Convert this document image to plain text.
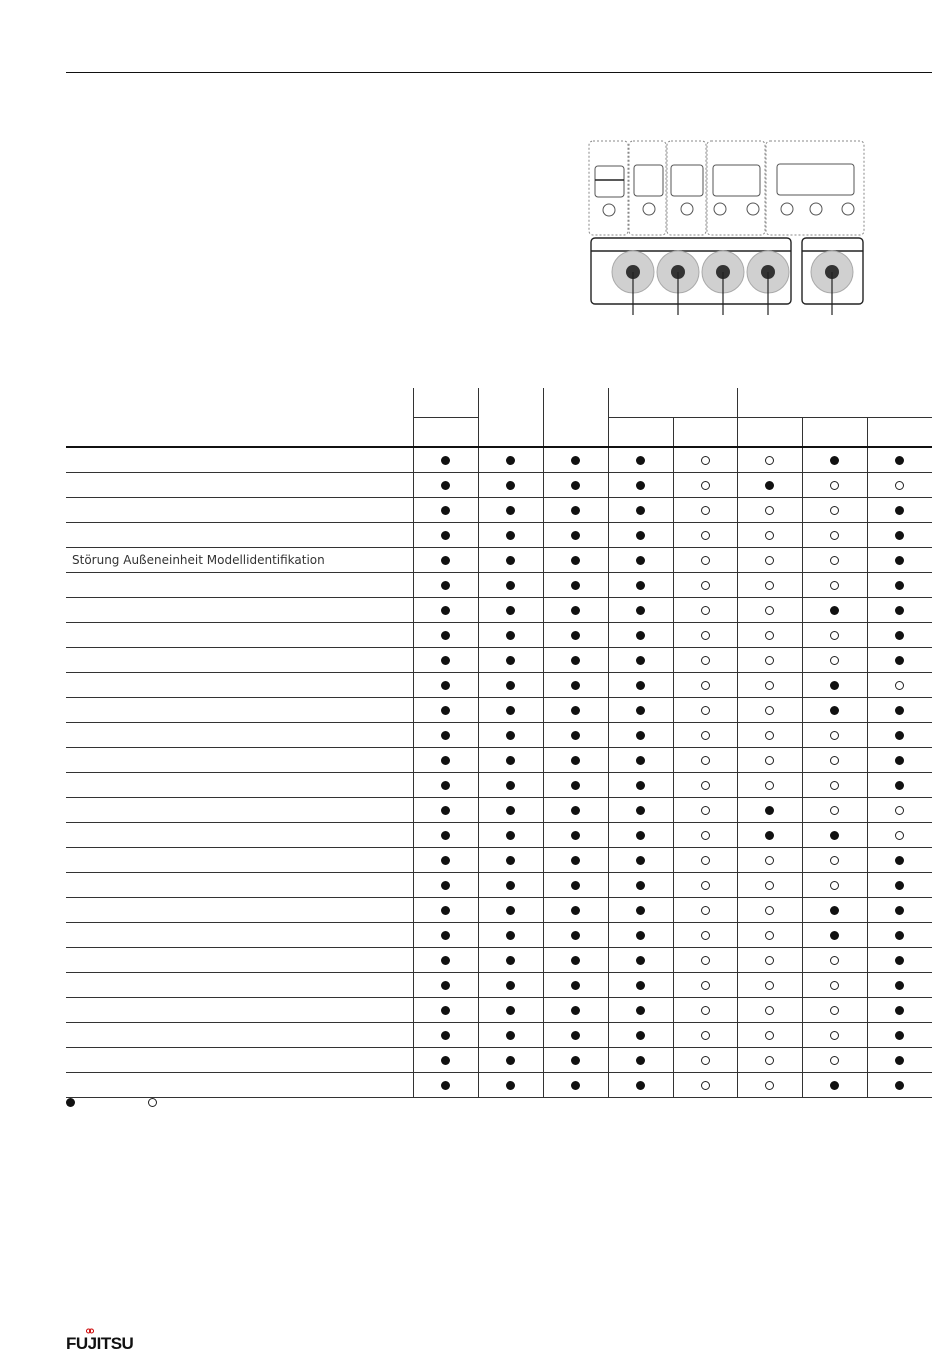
Störung Außeneinheit Modellidentifikation
FUJITSU
